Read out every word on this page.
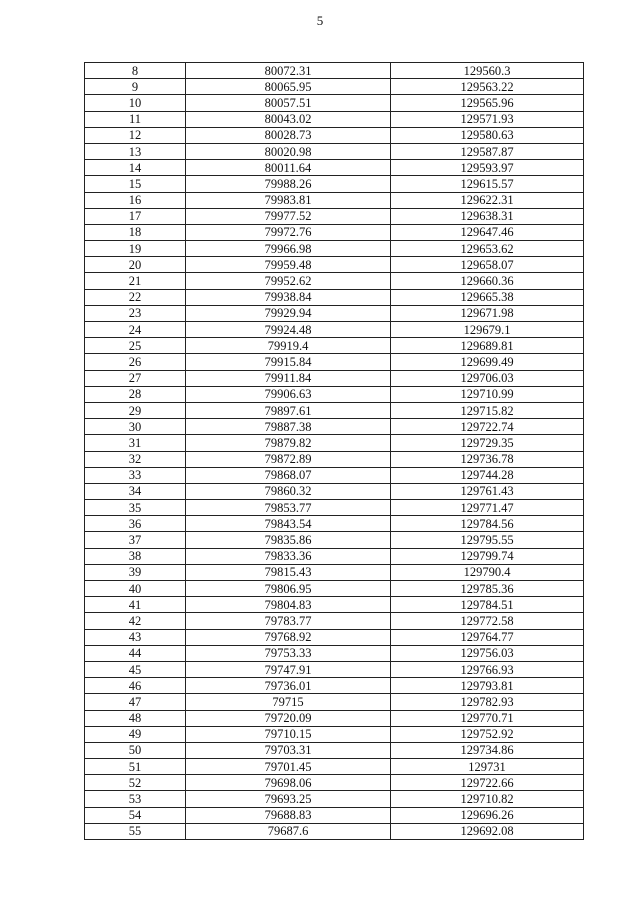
5
8	80072.31	129560.3
9	80065.95	129563.22
10	80057.51	129565.96
11	80043.02	129571.93
12	80028.73	129580.63
13	80020.98	129587.87
14	80011.64	129593.97
15	79988.26	129615.57
16	79983.81	129622.31
17	79977.52	129638.31
18	79972.76	129647.46
19	79966.98	129653.62
20	79959.48	129658.07
21	79952.62	129660.36
22	79938.84	129665.38
23	79929.94	129671.98
24	79924.48	129679.1
25	79919.4	129689.81
26	79915.84	129699.49
27	79911.84	129706.03
28	79906.63	129710.99
29	79897.61	129715.82
30	79887.38	129722.74
31	79879.82	129729.35
32	79872.89	129736.78
33	79868.07	129744.28
34	79860.32	129761.43
35	79853.77	129771.47
36	79843.54	129784.56
37	79835.86	129795.55
38	79833.36	129799.74
39	79815.43	129790.4
40	79806.95	129785.36
41	79804.83	129784.51
42	79783.77	129772.58
43	79768.92	129764.77
44	79753.33	129756.03
45	79747.91	129766.93
46	79736.01	129793.81
47	79715	129782.93
48	79720.09	129770.71
49	79710.15	129752.92
50	79703.31	129734.86
51	79701.45	129731
52	79698.06	129722.66
53	79693.25	129710.82
54	79688.83	129696.26
55	79687.6	129692.08
